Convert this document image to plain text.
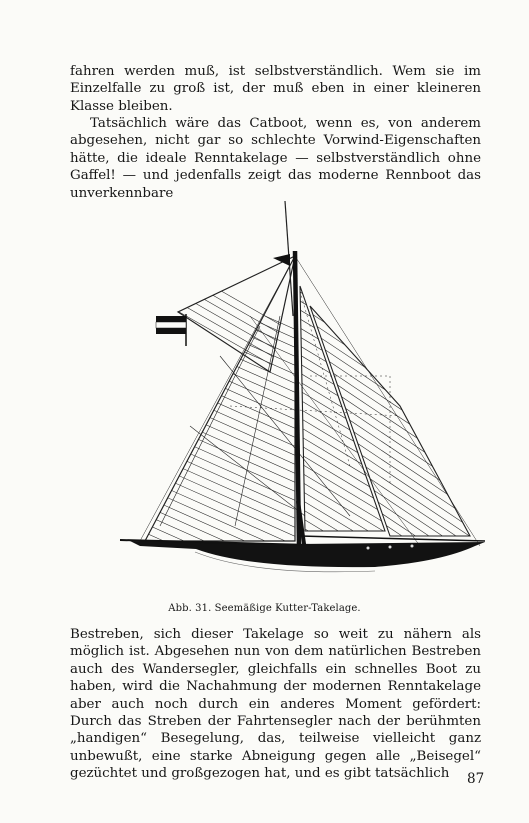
fahren werden muß, ist selbstverständlich. Wem sie im Einzelfalle zu groß ist, der muß eben in einer kleineren Klasse bleiben.

Tatsächlich wäre das Catboot, wenn es, von anderem abgesehen, nicht gar so schlechte Vorwind-Eigenschaften hätte, die ideale Renntakelage — selbstverständlich ohne Gaffel! — und jedenfalls zeigt das moderne Rennboot das unverkennbare

Abb. 31. Seemäßige Kutter-Takelage.

Bestreben, sich dieser Takelage so weit zu nähern als möglich ist. Abgesehen nun von dem natürlichen Bestreben auch des Wandersegler, gleichfalls ein schnelles Boot zu haben, wird die Nachahmung der modernen Renntakelage aber auch noch durch ein anderes Moment gefördert: Durch das Streben der Fahrtensegler nach der berühmten „handigen“ Besegelung, das, teilweise vielleicht ganz unbewußt, eine starke Abneigung gegen alle „Beisegel“ gezüchtet und großgezogen hat, und es gibt tatsächlich	87
